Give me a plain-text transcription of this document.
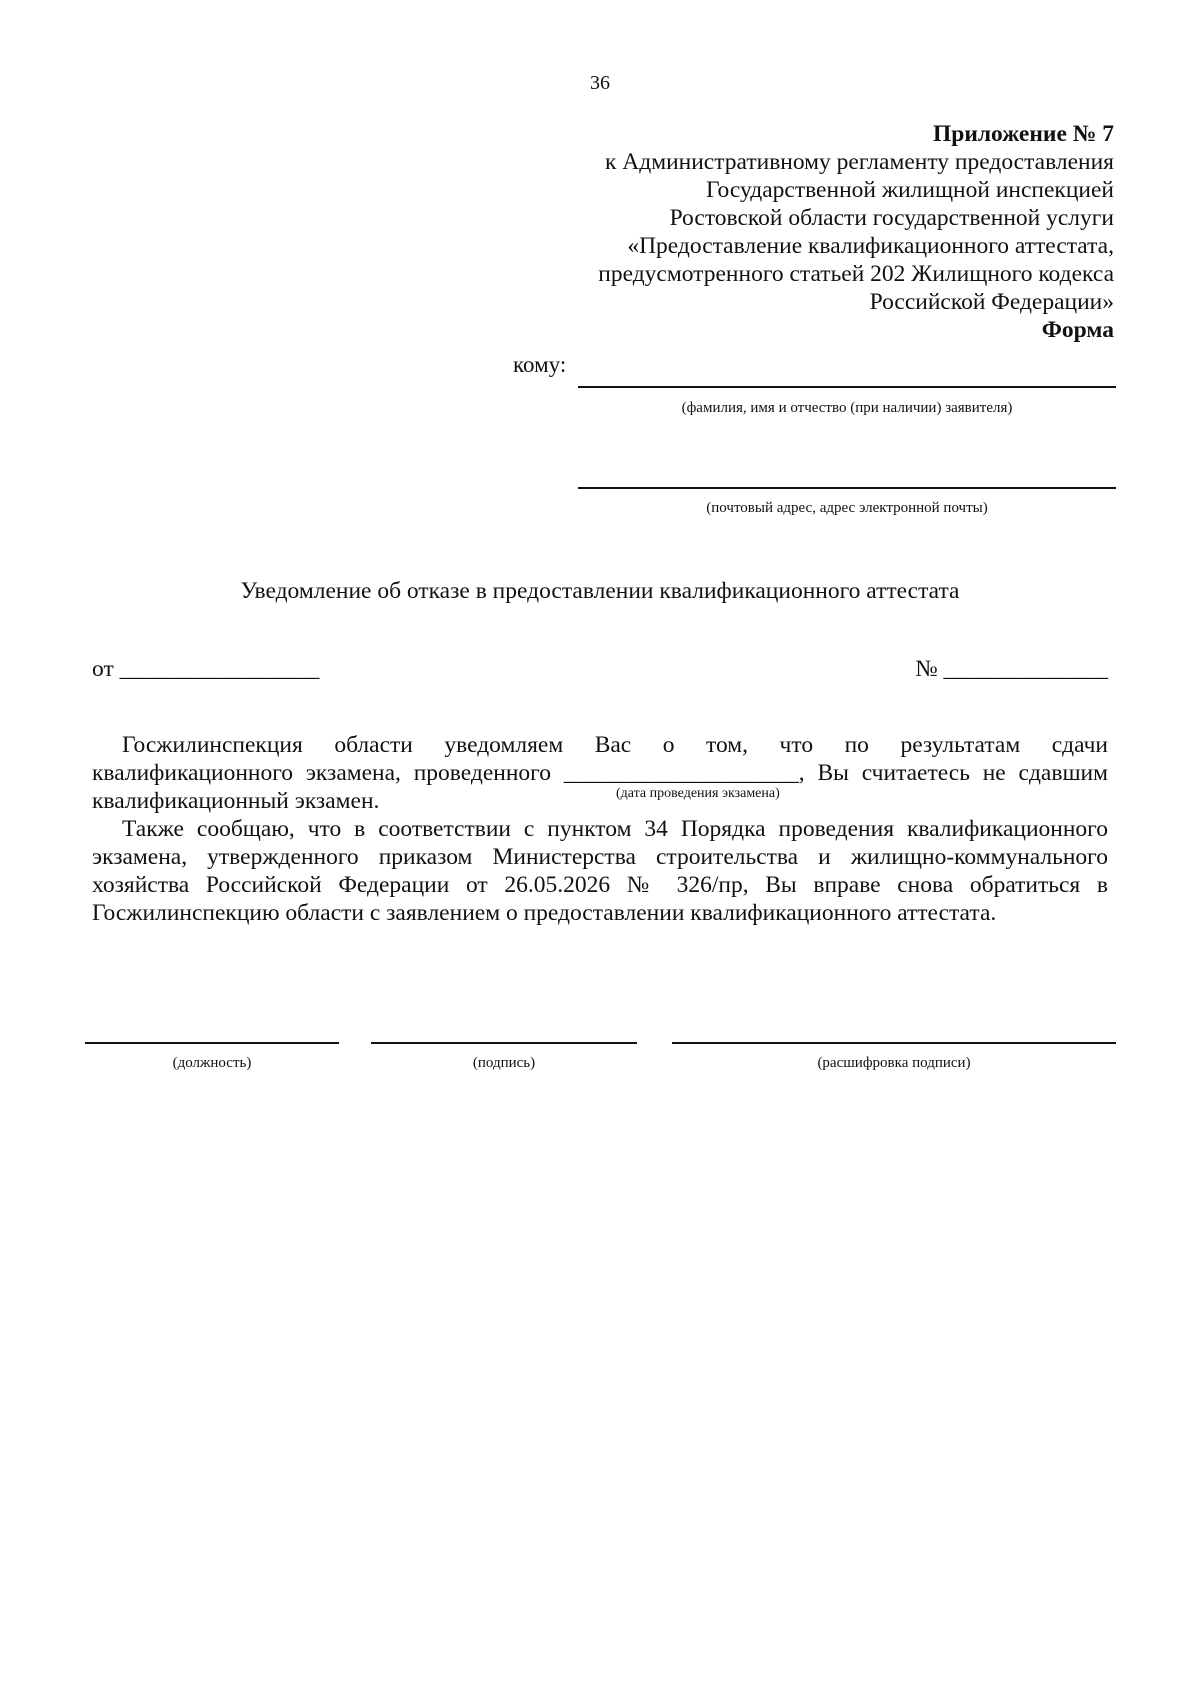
36
Приложение № 7
к Административному регламенту предоставления
Государственной жилищной инспекцией
Ростовской области государственной услуги
«Предоставление квалификационного аттестата,
предусмотренного статьей 202 Жилищного кодекса
Российской Федерации»
Форма
кому:
(фамилия, имя и отчество (при наличии) заявителя)
(почтовый адрес, адрес электронной почты)
Уведомление об отказе в предоставлении квалификационного аттестата
от _________________	№ ______________
Госжилинспекция области уведомляем Вас о том, что по результатам сдачи
квалификационного экзамена, проведенного ____________________, Вы считаетесь не сдавшим
квалификационный экзамен.	(дата проведения экзамена)
Также сообщаю, что в соответствии с пунктом 34 Порядка проведения квалификационного экзамена, утвержденного приказом Министерства строительства и жилищно-коммунального хозяйства Российской Федерации от 26.05.2026 № 326/пр, Вы вправе снова обратиться в Госжилинспекцию области с заявлением о предоставлении квалификационного аттестата.
(должность)	(подпись)	(расшифровка подписи)
